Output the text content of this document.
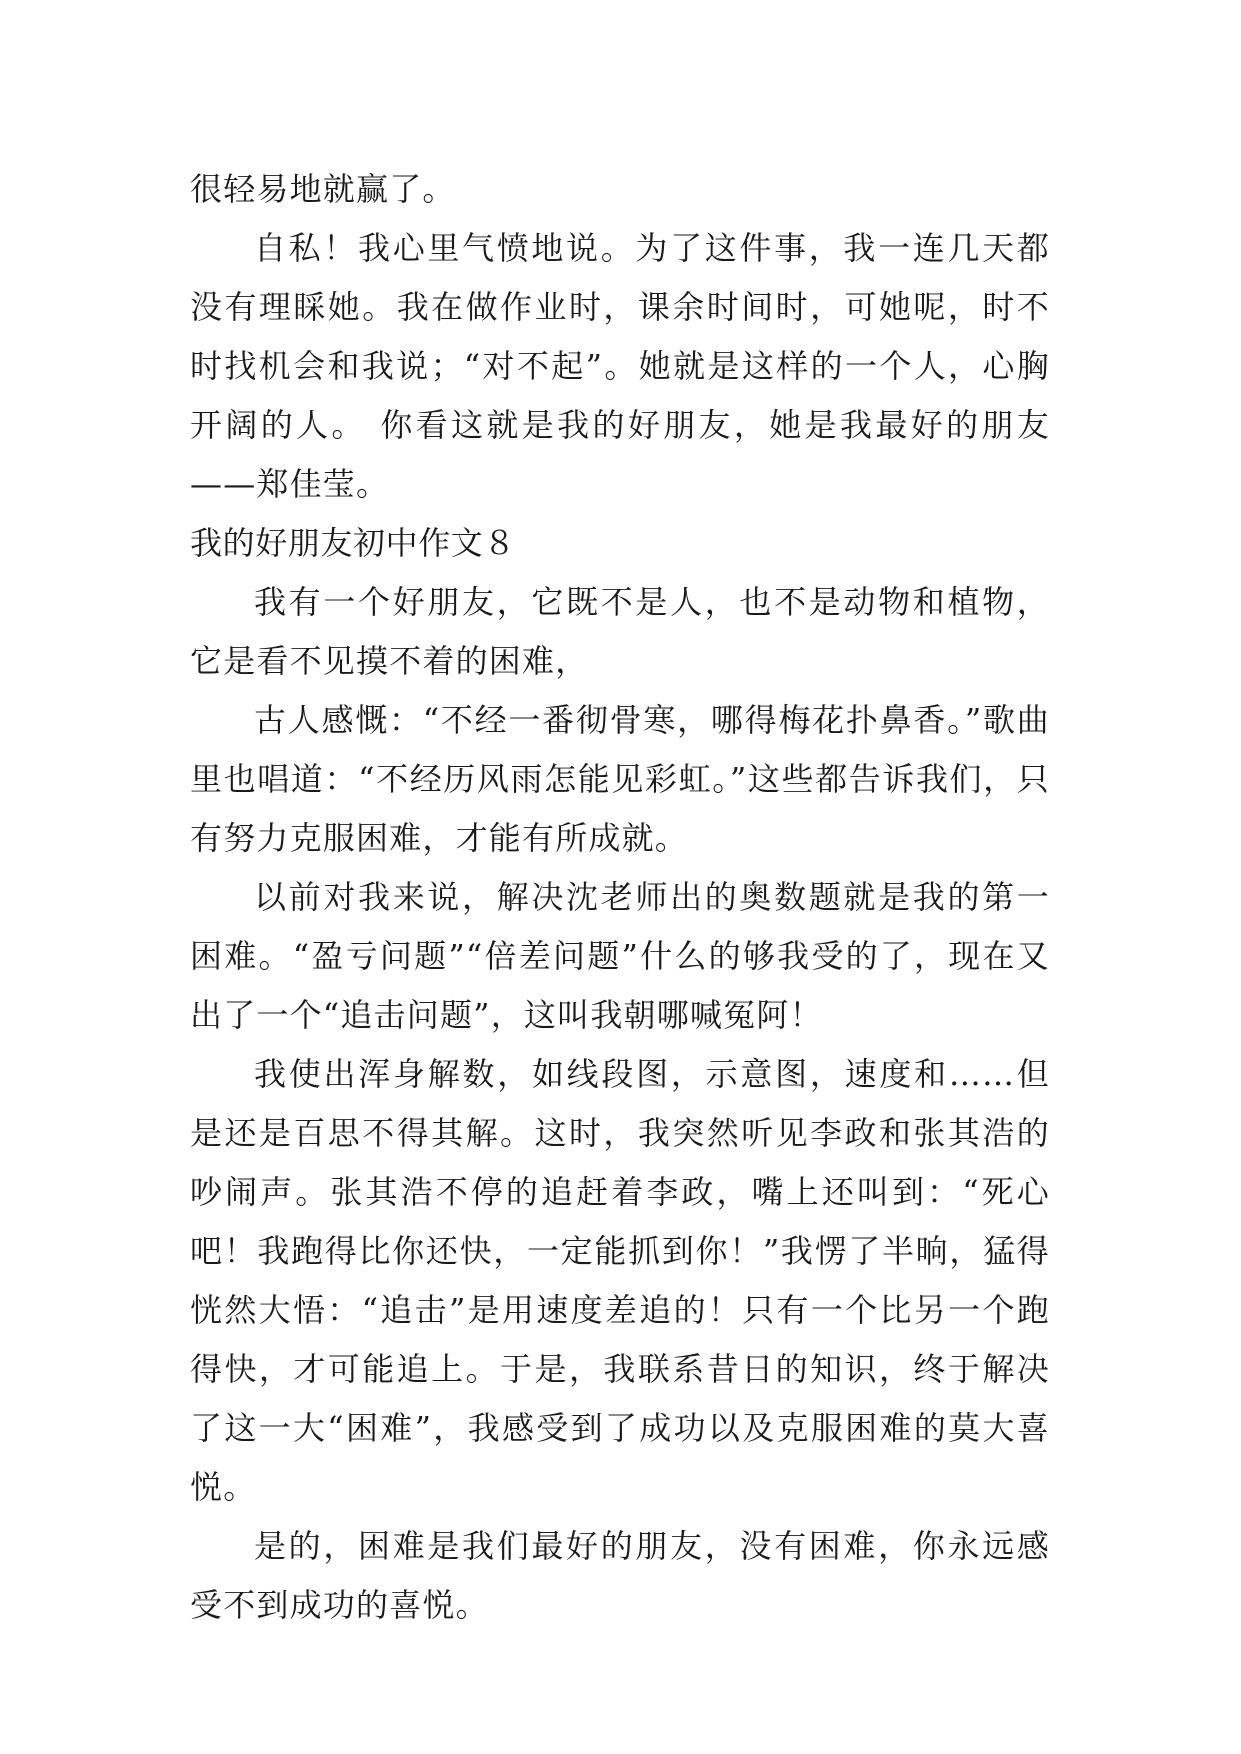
很轻易地就赢了。

自私！我心里气愤地说。为了这件事，我一连几天都没有理睬她。我在做作业时，课余时间时，可她呢，时不时找机会和我说；“对不起”。她就是这样的一个人，心胸开阔的人。 你看这就是我的好朋友，她是我最好的朋友——郑佳莹。

我的好朋友初中作文８

我有一个好朋友，它既不是人，也不是动物和植物，它是看不见摸不着的困难，

古人感慨：“不经一番彻骨寒，哪得梅花扑鼻香。”歌曲里也唱道：“不经历风雨怎能见彩虹。”这些都告诉我们，只有努力克服困难，才能有所成就。

以前对我来说，解决沈老师出的奥数题就是我的第一困难。“盈亏问题”“倍差问题”什么的够我受的了，现在又出了一个“追击问题”，这叫我朝哪喊冤阿！

我使出浑身解数，如线段图，示意图，速度和……但是还是百思不得其解。这时，我突然听见李政和张其浩的吵闹声。张其浩不停的追赶着李政，嘴上还叫到：“死心吧！我跑得比你还快，一定能抓到你！”我愣了半晌，猛得恍然大悟：“追击”是用速度差追的！只有一个比另一个跑得快，才可能追上。于是，我联系昔日的知识，终于解决了这一大“困难”，我感受到了成功以及克服困难的莫大喜悦。

是的，困难是我们最好的朋友，没有困难，你永远感受不到成功的喜悦。
